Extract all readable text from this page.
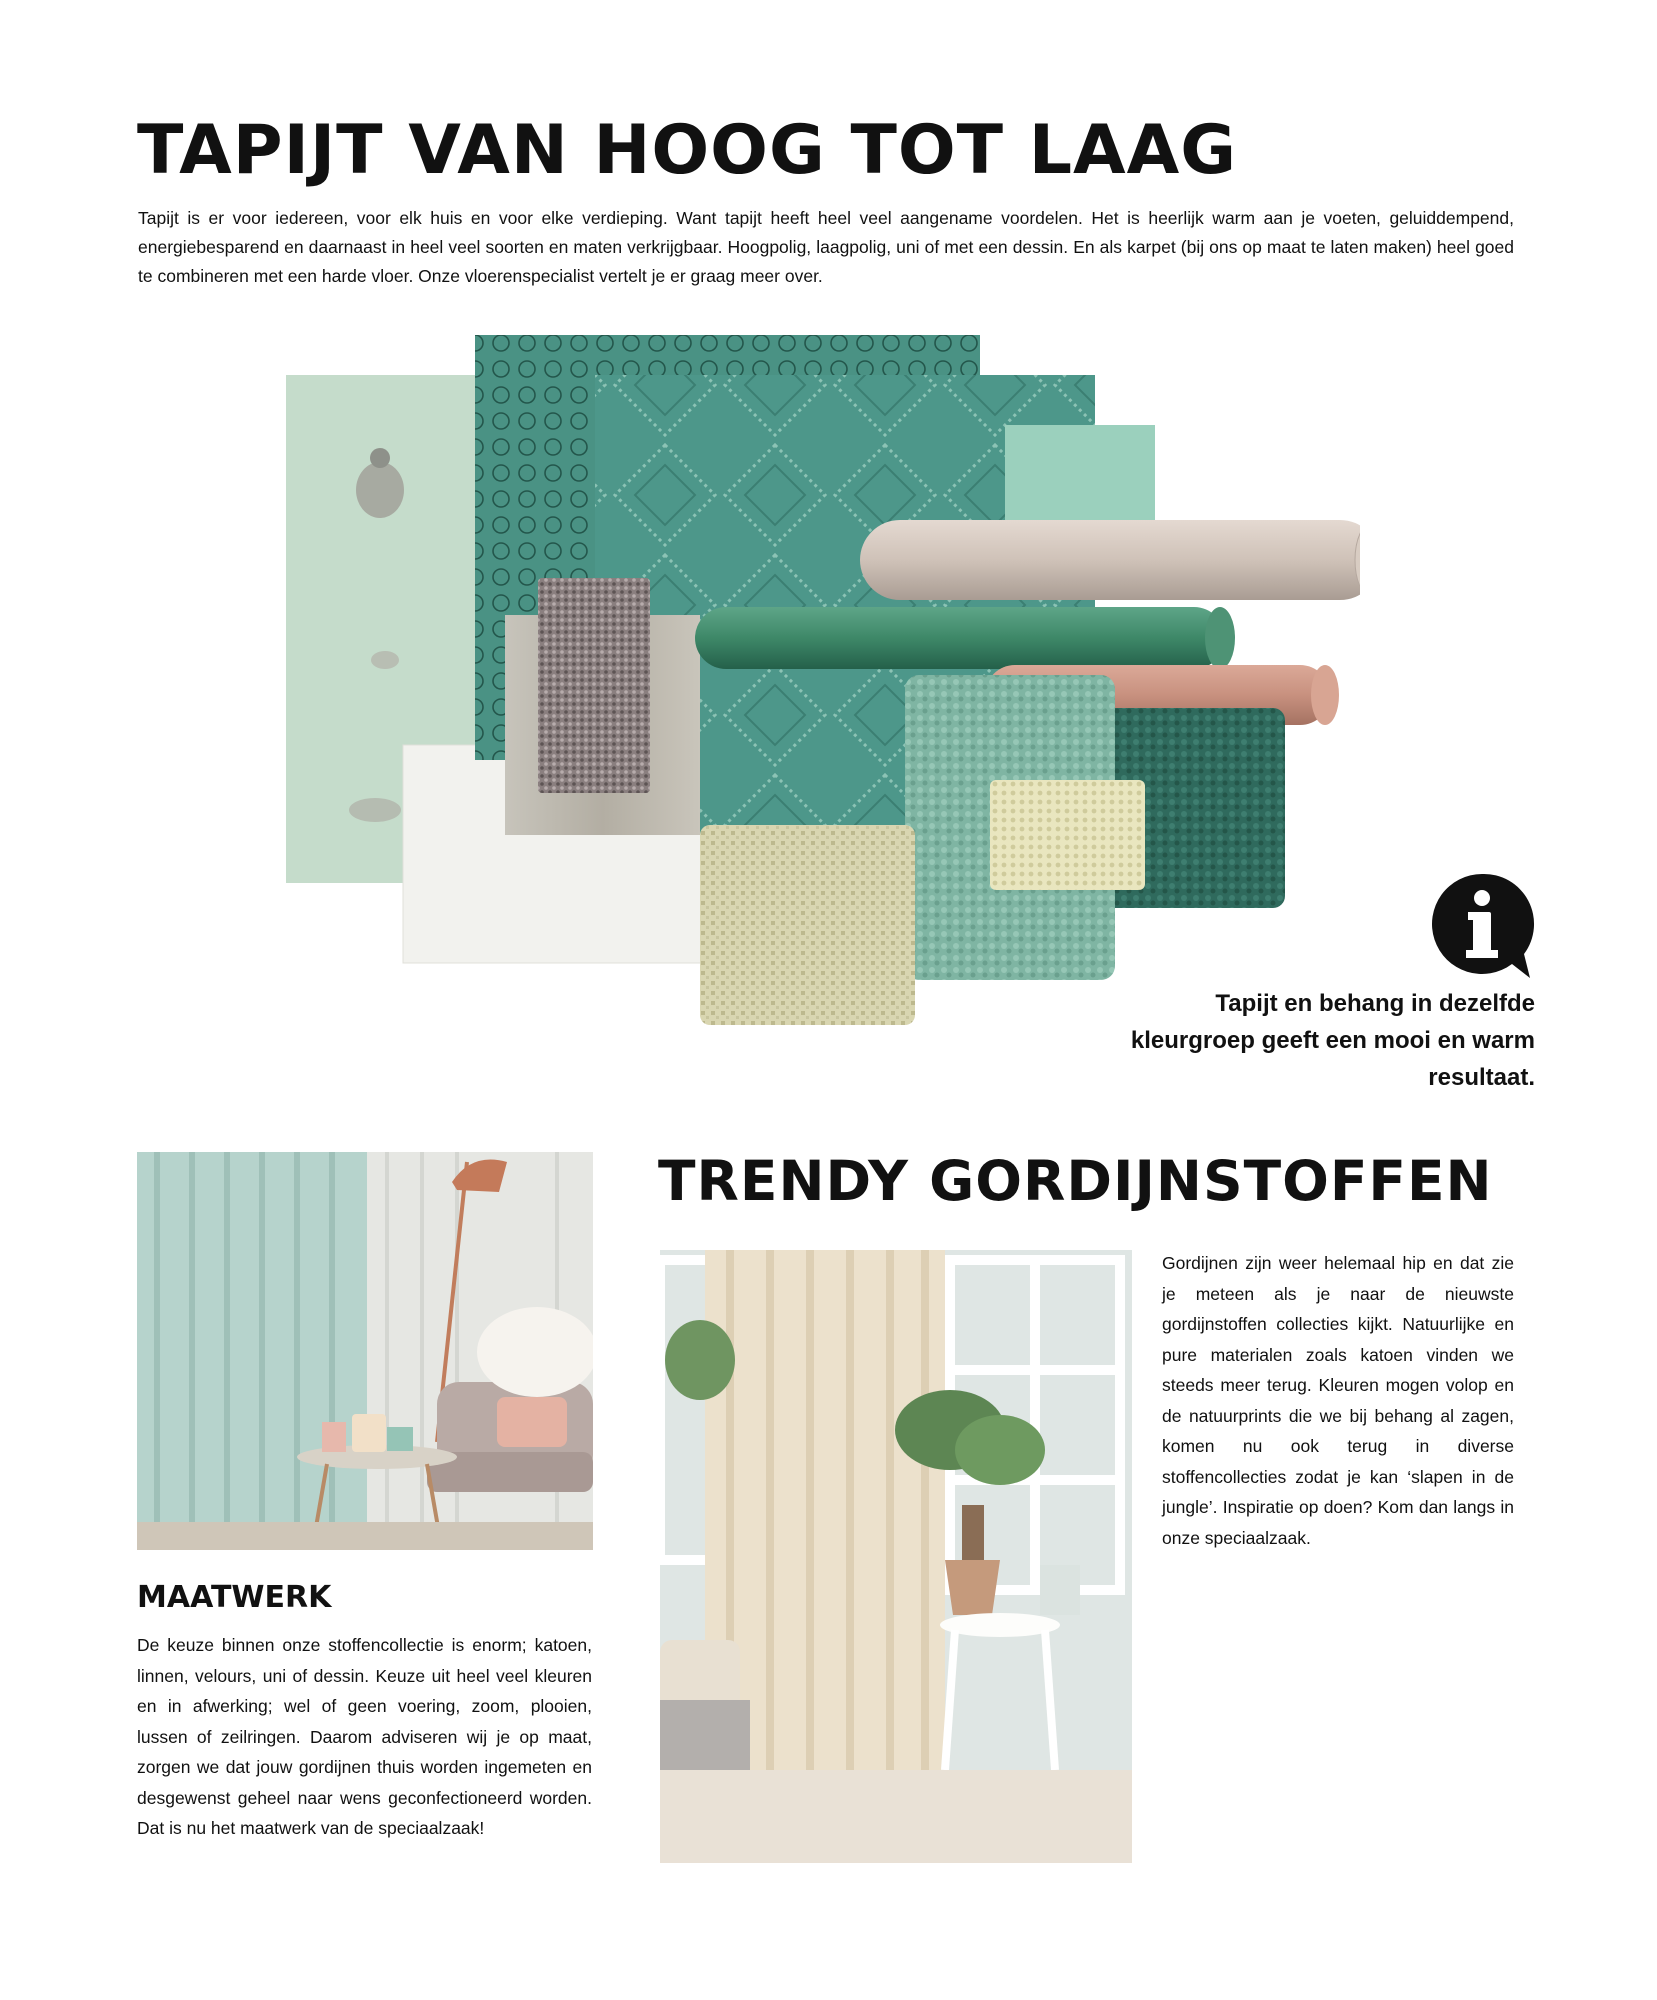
TAPIJT VAN HOOG TOT LAAG

Tapijt is er voor iedereen, voor elk huis en voor elke verdieping. Want tapijt heeft heel veel aangename voordelen. Het is heerlijk warm aan je voeten, geluiddempend, energiebesparend en daarnaast in heel veel soorten en maten verkrijgbaar. Hoogpolig, laagpolig, uni of met een dessin. En als karpet (bij ons op maat te laten maken) heel goed te combineren met een harde vloer. Onze vloerenspecialist vertelt je er graag meer over.

Tapijt en behang in dezelfde kleurgroep geeft een mooi en warm resultaat.

TRENDY GORDIJNSTOFFEN

Gordijnen zijn weer helemaal hip en dat zie je meteen als je naar de nieuwste gordijnstoffen collecties kijkt. Natuurlijke en pure materialen zoals katoen vinden we steeds meer terug. Kleuren mogen volop en de natuurprints die we bij behang al zagen, komen nu ook terug in diverse stoffencollecties zodat je kan ‘slapen in de jungle’. Inspiratie op doen? Kom dan langs in onze speciaalzaak.

MAATWERK

De keuze binnen onze stoffencollectie is enorm; katoen, linnen, velours, uni of dessin. Keuze uit heel veel kleuren en in afwerking; wel of geen voering, zoom, plooien, lussen of zeilringen. Daarom adviseren wij je op maat, zorgen we dat jouw gordijnen thuis worden ingemeten en desgewenst geheel naar wens geconfectioneerd worden. Dat is nu het maatwerk van de speciaalzaak!
